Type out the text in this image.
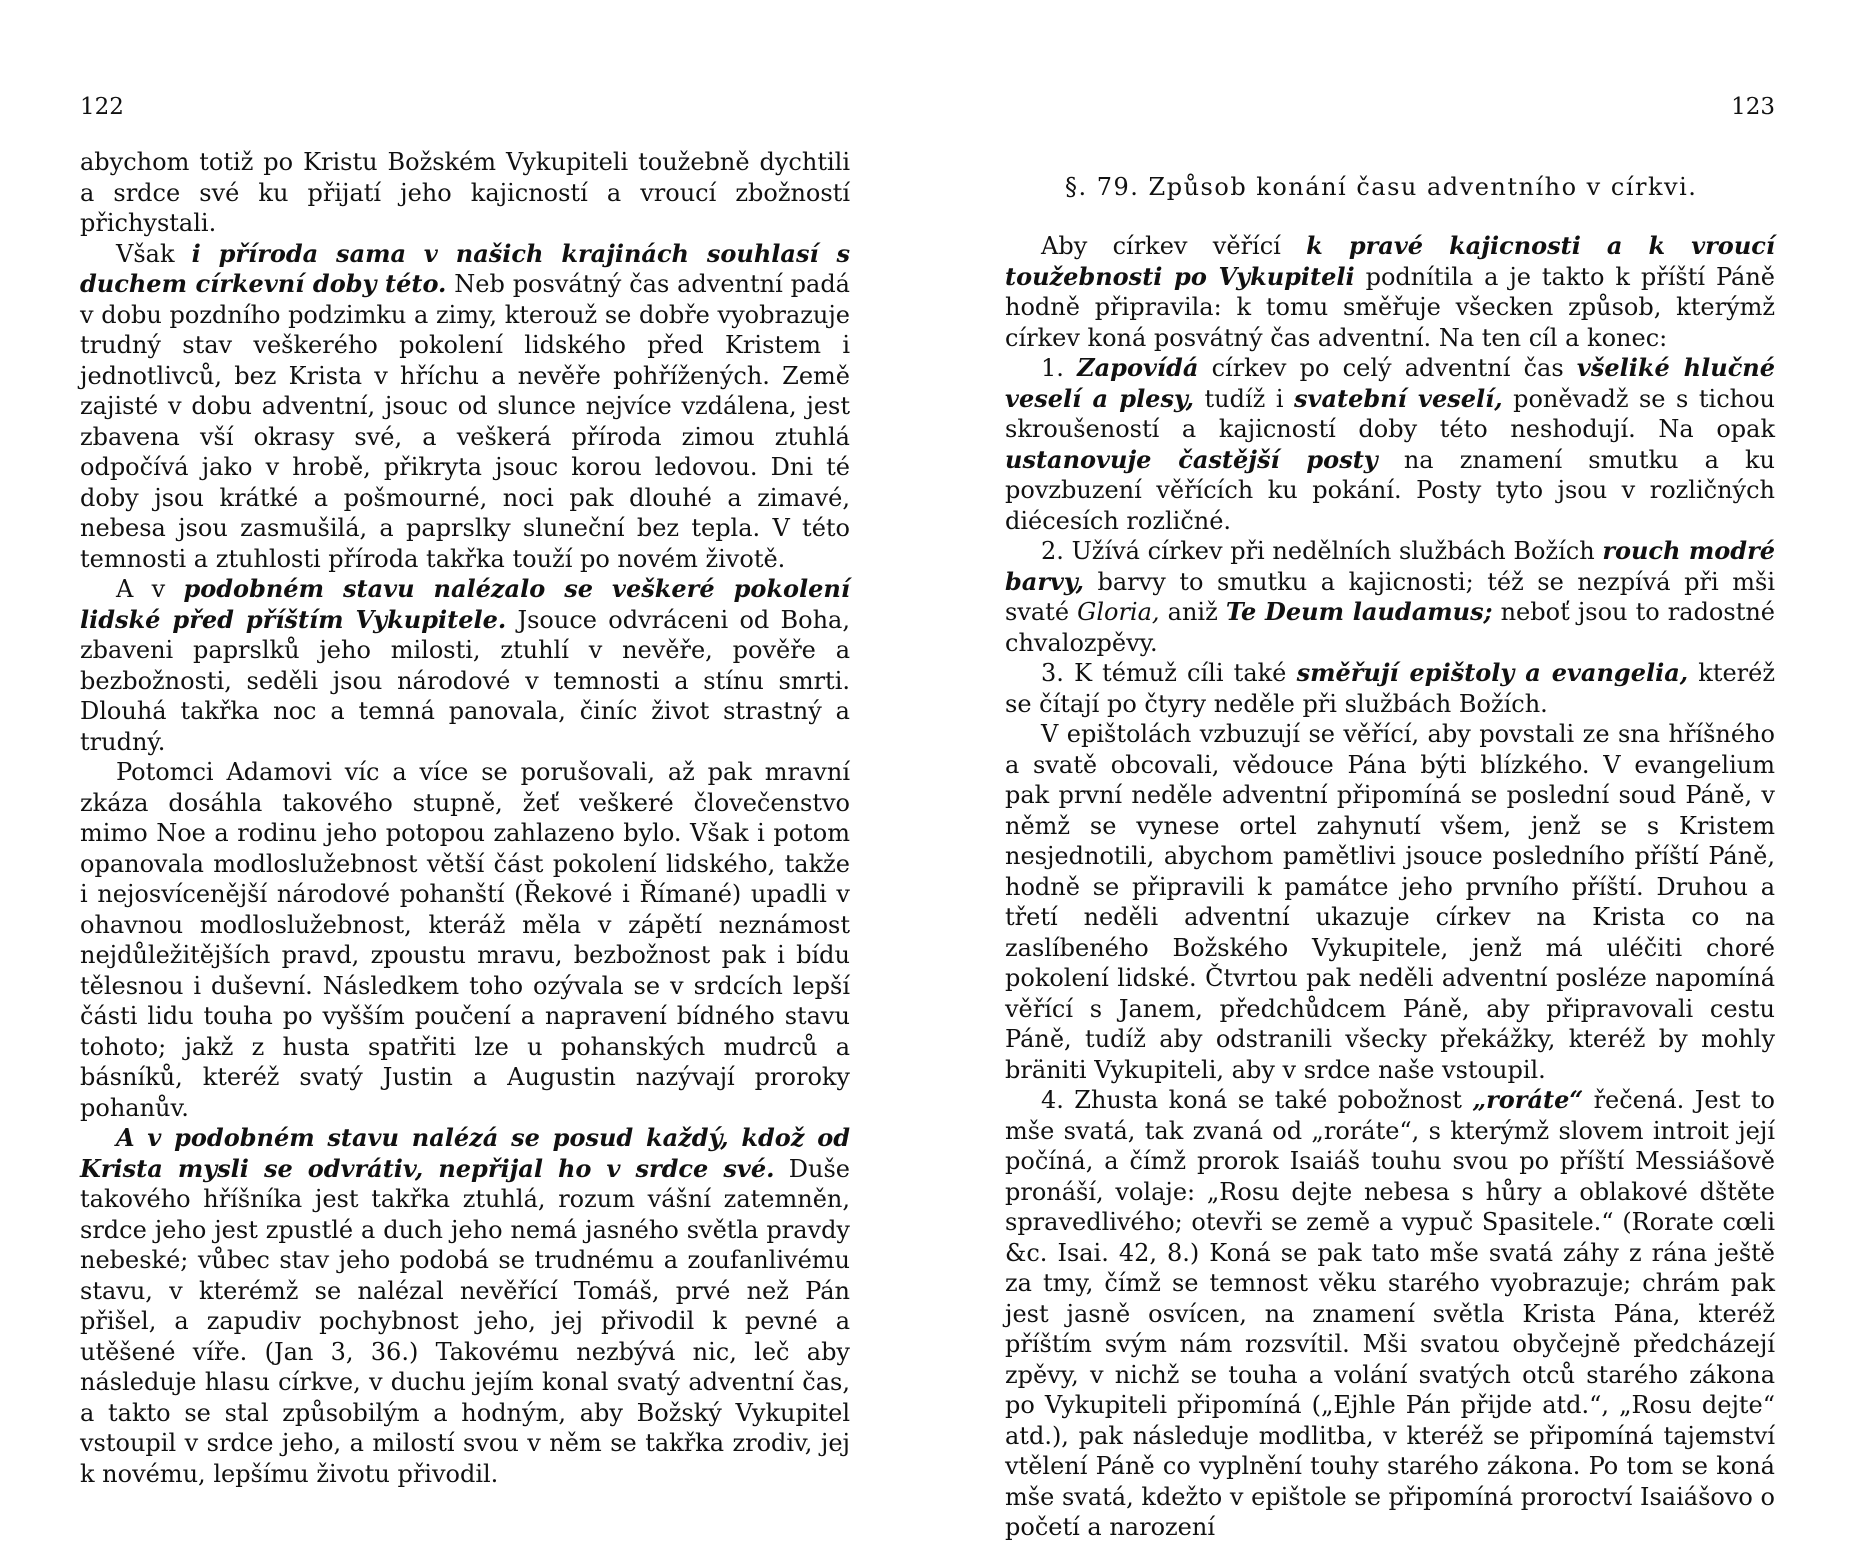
122

abychom totiž po Kristu Božském Vykupiteli toužebně dychtili a srdce své ku přijatí jeho kajicností a vroucí zbožností přichystali.

Však i příroda sama v našich krajinách souhlasí s duchem církevní doby této. Neb posvátný čas adventní padá v dobu pozdního podzimku a zimy, kterouž se dobře vyobrazuje trudný stav veškerého pokolení lidského před Kristem i jednotlivců, bez Krista v hříchu a nevěře pohřížených. Země zajisté v dobu adventní, jsouc od slunce nejvíce vzdálena, jest zbavena vší okrasy své, a veškerá příroda zimou ztuhlá odpočívá jako v hrobě, přikryta jsouc korou ledovou. Dni té doby jsou krátké a pošmourné, noci pak dlouhé a zimavé, nebesa jsou zasmušilá, a paprslky sluneční bez tepla. V této temnosti a ztuhlosti příroda takřka touží po novém životě.

A v podobném stavu nalézalo se veškeré pokolení lidské před příštím Vykupitele. Jsouce odvráceni od Boha, zbaveni paprslků jeho milosti, ztuhlí v nevěře, pověře a bezbožnosti, seděli jsou národové v temnosti a stínu smrti. Dlouhá takřka noc a temná panovala, činíc život strastný a trudný.

Potomci Adamovi víc a více se porušovali, až pak mravní zkáza dosáhla takového stupně, žeť veškeré človečenstvo mimo Noe a rodinu jeho potopou zahlazeno bylo. Však i potom opanovala modloslužebnost větší část pokolení lidského, takže i nejosvícenější národové pohanští (Řekové i Římané) upadli v ohavnou modloslužebnost, kteráž měla v zápětí neznámost nejdůležitějších pravd, zpoustu mravu, bezbožnost pak i bídu tělesnou i duševní. Následkem toho ozývala se v srdcích lepší části lidu touha po vyšším poučení a napravení bídného stavu tohoto; jakž z husta spatřiti lze u pohanských mudrců a básníků, kteréž svatý Justin a Augustin nazývají proroky pohanův.

A v podobném stavu nalézá se posud každý, kdož od Krista mysli se odvrátiv, nepřijal ho v srdce své. Duše takového hříšníka jest takřka ztuhlá, rozum vášní zatemněn, srdce jeho jest zpustlé a duch jeho nemá jasného světla pravdy nebeské; vůbec stav jeho podobá se trudnému a zoufanlivému stavu, v kterémž se nalézal nevěřící Tomáš, prvé než Pán přišel, a zapudiv pochybnost jeho, jej přivodil k pevné a utěšené víře. (Jan 3, 36.) Takovému nezbývá nic, leč aby následuje hlasu církve, v duchu jejím konal svatý adventní čas, a takto se stal způsobilým a hodným, aby Božský Vykupitel vstoupil v srdce jeho, a milostí svou v něm se takřka zrodiv, jej k novému, lepšímu životu přivodil.

123
§. 79. Způsob konání času adventního v církvi.

Aby církev věřící k pravé kajicnosti a k vroucí toužebnosti po Vykupiteli podnítila a je takto k příští Páně hodně připravila: k tomu směřuje všecken způsob, kterýmž církev koná posvátný čas adventní. Na ten cíl a konec:

1. Zapovídá církev po celý adventní čas všeliké hlučné veselí a plesy, tudíž i svatební veselí, poněvadž se s tichou skroušeností a kajicností doby této neshodují. Na opak ustanovuje častější posty na znamení smutku a ku povzbuzení věřících ku pokání. Posty tyto jsou v rozličných diécesích rozličné.

2. Užívá církev při nedělních službách Božích rouch modré barvy, barvy to smutku a kajicnosti; též se nezpívá při mši svaté Gloria, aniž Te Deum laudamus; neboť jsou to radostné chvalozpěvy.

3. K témuž cíli také směřují epištoly a evangelia, kteréž se čítají po čtyry neděle při službách Božích.

V epištolách vzbuzují se věřící, aby povstali ze sna hříšného a svatě obcovali, vědouce Pána býti blízkého. V evangelium pak první neděle adventní připomíná se poslední soud Páně, v němž se vynese ortel zahynutí všem, jenž se s Kristem nesjednotili, abychom pamětlivi jsouce posledního příští Páně, hodně se připravili k památce jeho prvního příští. Druhou a třetí neděli adventní ukazuje církev na Krista co na zaslíbeného Božského Vykupitele, jenž má uléčiti choré pokolení lidské. Čtvrtou pak neděli adventní posléze napomíná věřící s Janem, předchůdcem Páně, aby připravovali cestu Páně, tudíž aby odstranili všecky překážky, kteréž by mohly bräniti Vykupiteli, aby v srdce naše vstoupil.

4. Zhusta koná se také pobožnost „roráte“ řečená. Jest to mše svatá, tak zvaná od „roráte“, s kterýmž slovem introit její počíná, a čímž prorok Isaiáš touhu svou po příští Messiášově pronáší, volaje: „Rosu dejte nebesa s hůry a oblakové dštěte spravedlivého; otevři se země a vypuč Spasitele.“ (Rorate cœli &c. Isai. 42, 8.) Koná se pak tato mše svatá záhy z rána ještě za tmy, čímž se temnost věku starého vyobrazuje; chrám pak jest jasně osvícen, na znamení světla Krista Pána, kteréž příštím svým nám rozsvítil. Mši svatou obyčejně předcházejí zpěvy, v nichž se touha a volání svatých otců starého zákona po Vykupiteli připomíná („Ejhle Pán přijde atd.“, „Rosu dejte“ atd.), pak následuje modlitba, v kteréž se připomíná tajemství vtělení Páně co vyplnění touhy starého zákona. Po tom se koná mše svatá, kdežto v epištole se připomíná proroctví Isaiášovo o početí a narození
